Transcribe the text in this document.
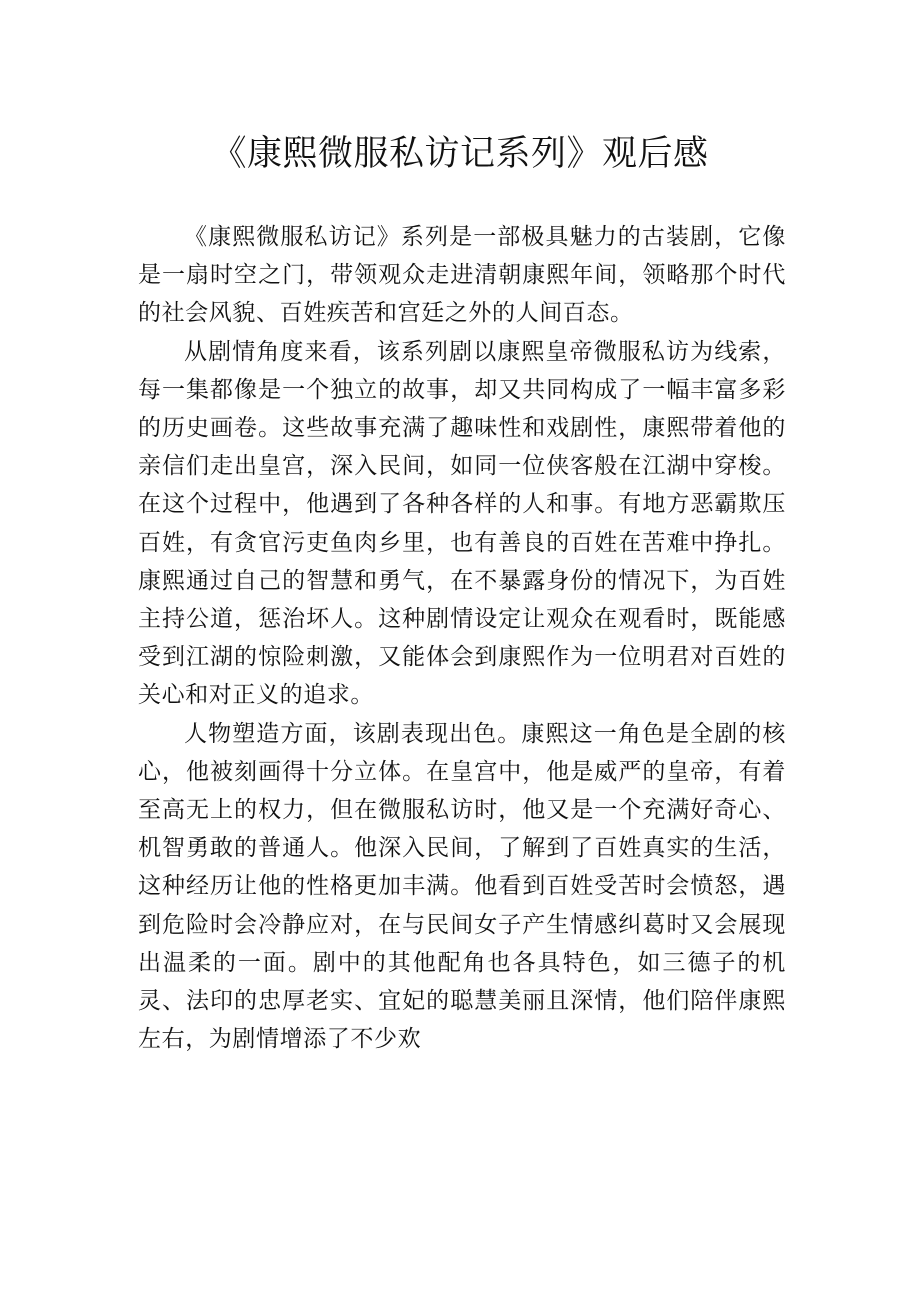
《康熙微服私访记系列》观后感

《康熙微服私访记》系列是一部极具魅力的古装剧，它像是一扇时空之门，带领观众走进清朝康熙年间，领略那个时代的社会风貌、百姓疾苦和宫廷之外的人间百态。

从剧情角度来看，该系列剧以康熙皇帝微服私访为线索，每一集都像是一个独立的故事，却又共同构成了一幅丰富多彩的历史画卷。这些故事充满了趣味性和戏剧性，康熙带着他的亲信们走出皇宫，深入民间，如同一位侠客般在江湖中穿梭。在这个过程中，他遇到了各种各样的人和事。有地方恶霸欺压百姓，有贪官污吏鱼肉乡里，也有善良的百姓在苦难中挣扎。康熙通过自己的智慧和勇气，在不暴露身份的情况下，为百姓主持公道，惩治坏人。这种剧情设定让观众在观看时，既能感受到江湖的惊险刺激，又能体会到康熙作为一位明君对百姓的关心和对正义的追求。

人物塑造方面，该剧表现出色。康熙这一角色是全剧的核心，他被刻画得十分立体。在皇宫中，他是威严的皇帝，有着至高无上的权力，但在微服私访时，他又是一个充满好奇心、机智勇敢的普通人。他深入民间，了解到了百姓真实的生活，这种经历让他的性格更加丰满。他看到百姓受苦时会愤怒，遇到危险时会冷静应对，在与民间女子产生情感纠葛时又会展现出温柔的一面。剧中的其他配角也各具特色，如三德子的机灵、法印的忠厚老实、宜妃的聪慧美丽且深情，他们陪伴康熙左右，为剧情增添了不少欢
